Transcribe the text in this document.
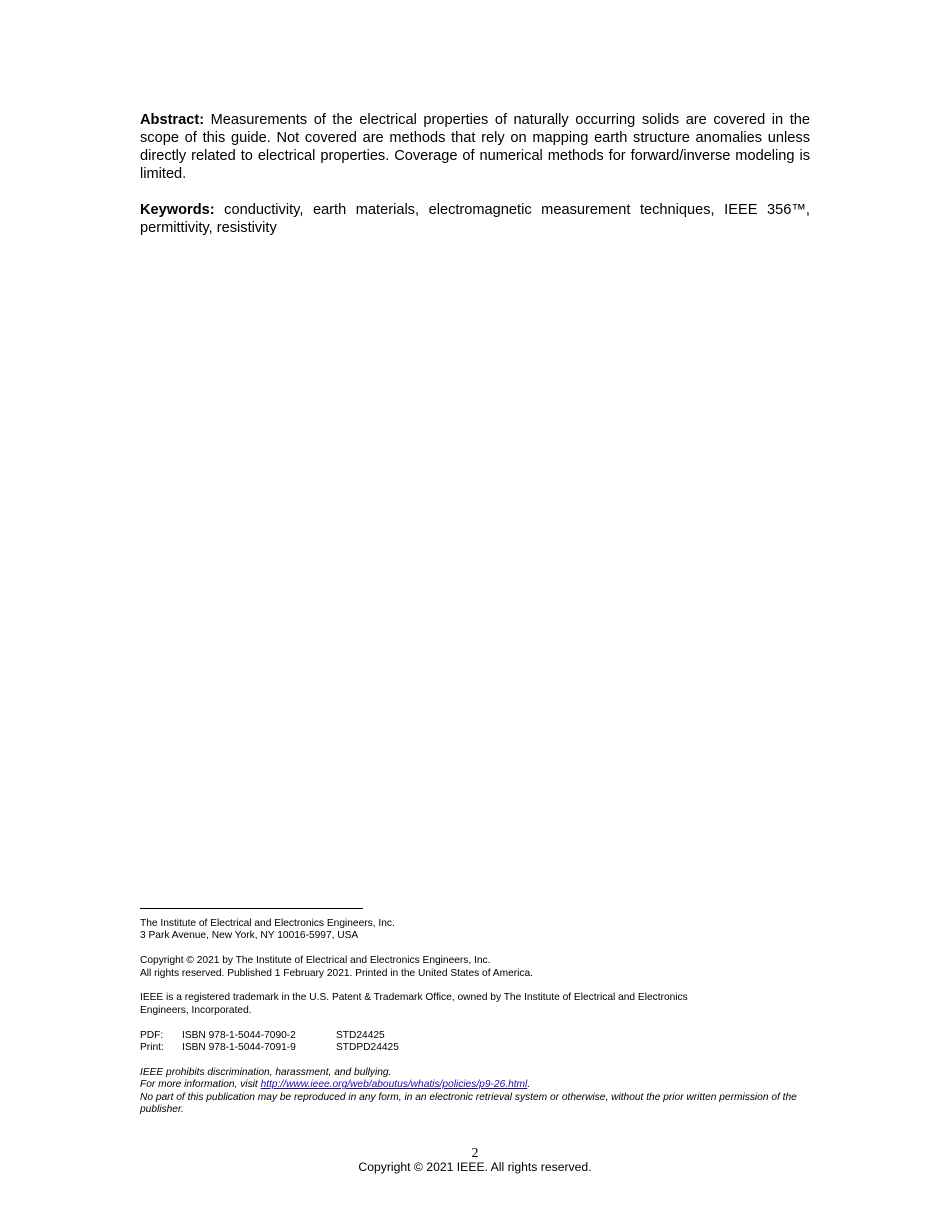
Abstract: Measurements of the electrical properties of naturally occurring solids are covered in the scope of this guide. Not covered are methods that rely on mapping earth structure anomalies unless directly related to electrical properties. Coverage of numerical methods for forward/inverse modeling is limited.

Keywords: conductivity, earth materials, electromagnetic measurement techniques, IEEE 356™, permittivity, resistivity

The Institute of Electrical and Electronics Engineers, Inc.
3 Park Avenue, New York, NY 10016-5997, USA
Copyright © 2021 by The Institute of Electrical and Electronics Engineers, Inc.
All rights reserved. Published 1 February 2021. Printed in the United States of America.
IEEE is a registered trademark in the U.S. Patent & Trademark Office, owned by The Institute of Electrical and Electronics
Engineers, Incorporated.
PDF: ISBN 978-1-5044-7090-2	STD24425
Print: ISBN 978-1-5044-7091-9	STDPD24425
IEEE prohibits discrimination, harassment, and bullying.
For more information, visit http://www.ieee.org/web/aboutus/whatis/policies/p9-26.html.
No part of this publication may be reproduced in any form, in an electronic retrieval system or otherwise, without the prior written permission of the publisher.
2
Copyright © 2021 IEEE. All rights reserved.
